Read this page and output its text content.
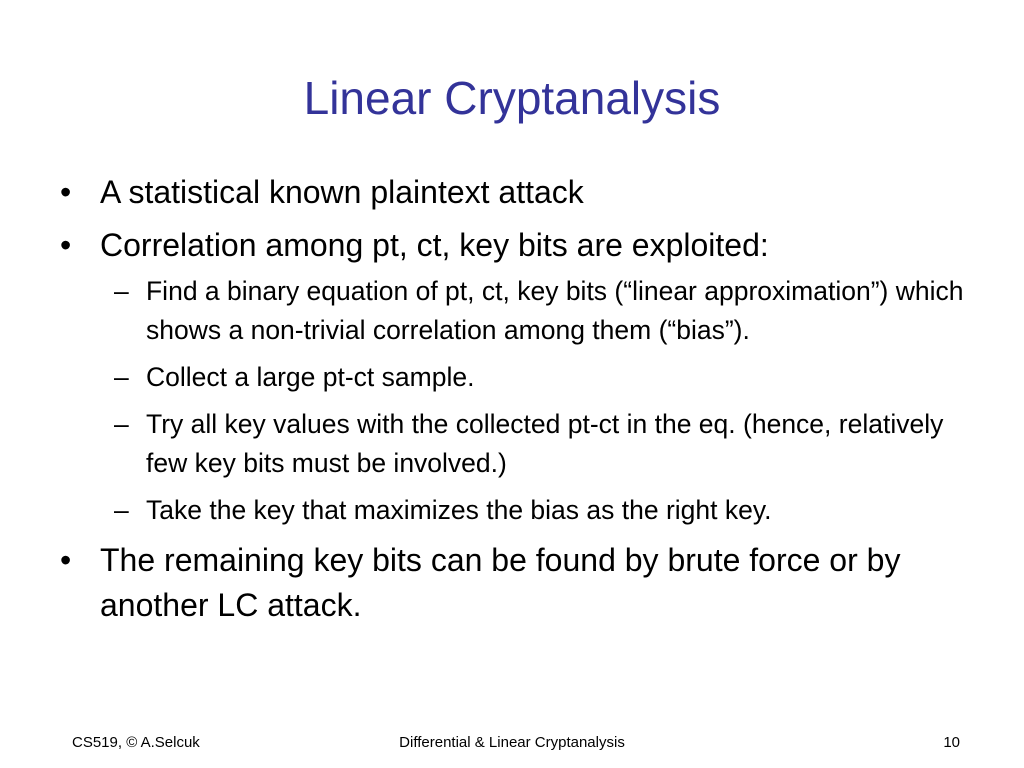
Linear Cryptanalysis
• A statistical known plaintext attack
• Correlation among pt, ct, key bits are exploited:
– Find a binary equation of pt, ct, key bits (“linear approximation”) which shows a non-trivial correlation among them (“bias”).
– Collect a large pt-ct sample.
– Try all key values with the collected pt-ct in the eq. (hence, relatively few key bits must be involved.)
– Take the key that maximizes the bias as the right key.
• The remaining key bits can be found by brute force or by another LC attack.
CS519, © A.Selcuk	Differential & Linear Cryptanalysis	10
